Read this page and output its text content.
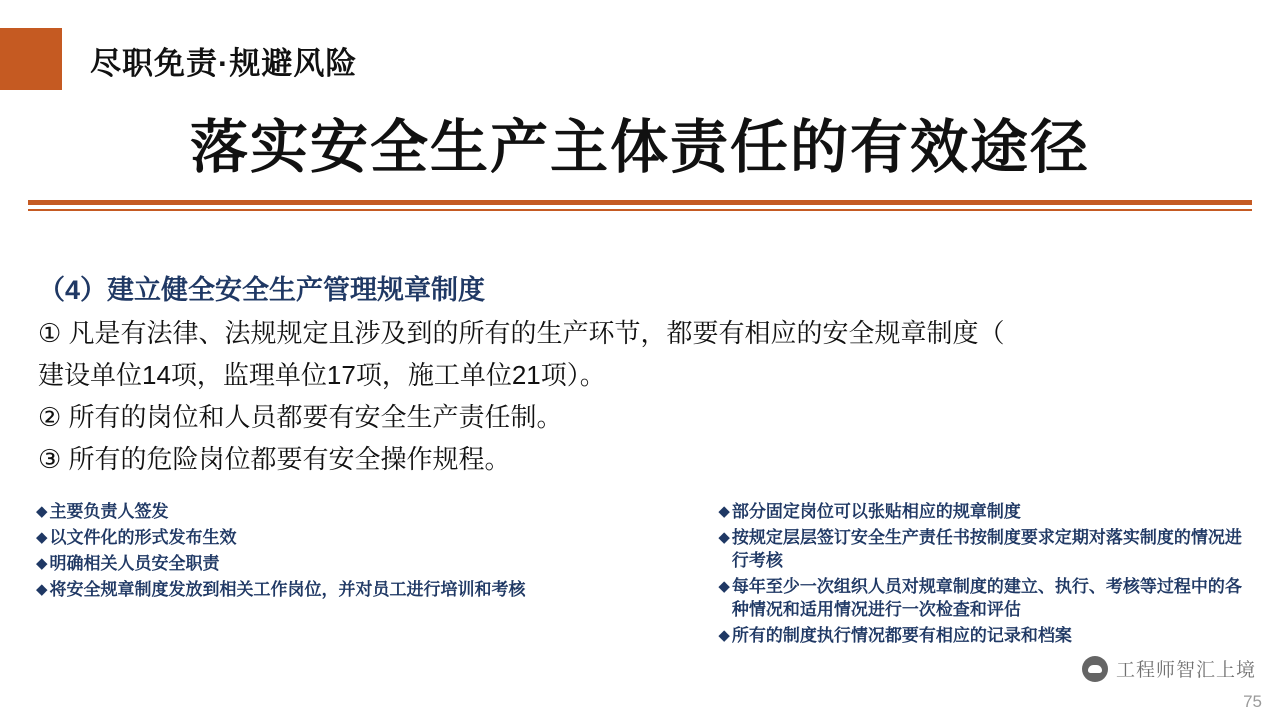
尽职免责·规避风险
落实安全生产主体责任的有效途径
（4）建立健全安全生产管理规章制度
① 凡是有法律、法规规定且涉及到的所有的生产环节，都要有相应的安全规章制度（
建设单位14项，监理单位17项，施工单位21项）。
② 所有的岗位和人员都要有安全生产责任制。
③ 所有的危险岗位都要有安全操作规程。
◆ 主要负责人签发
◆ 以文件化的形式发布生效
◆ 明确相关人员安全职责
◆ 将安全规章制度发放到相关工作岗位，并对员工进行培训和考核
◆ 部分固定岗位可以张贴相应的规章制度
◆ 按规定层层签订安全生产责任书按制度要求定期对落实制度的情况进行考核
◆ 每年至少一次组织人员对规章制度的建立、执行、考核等过程中的各种情况和适用情况进行一次检查和评估
◆ 所有的制度执行情况都要有相应的记录和档案
工程师智汇上境
75
